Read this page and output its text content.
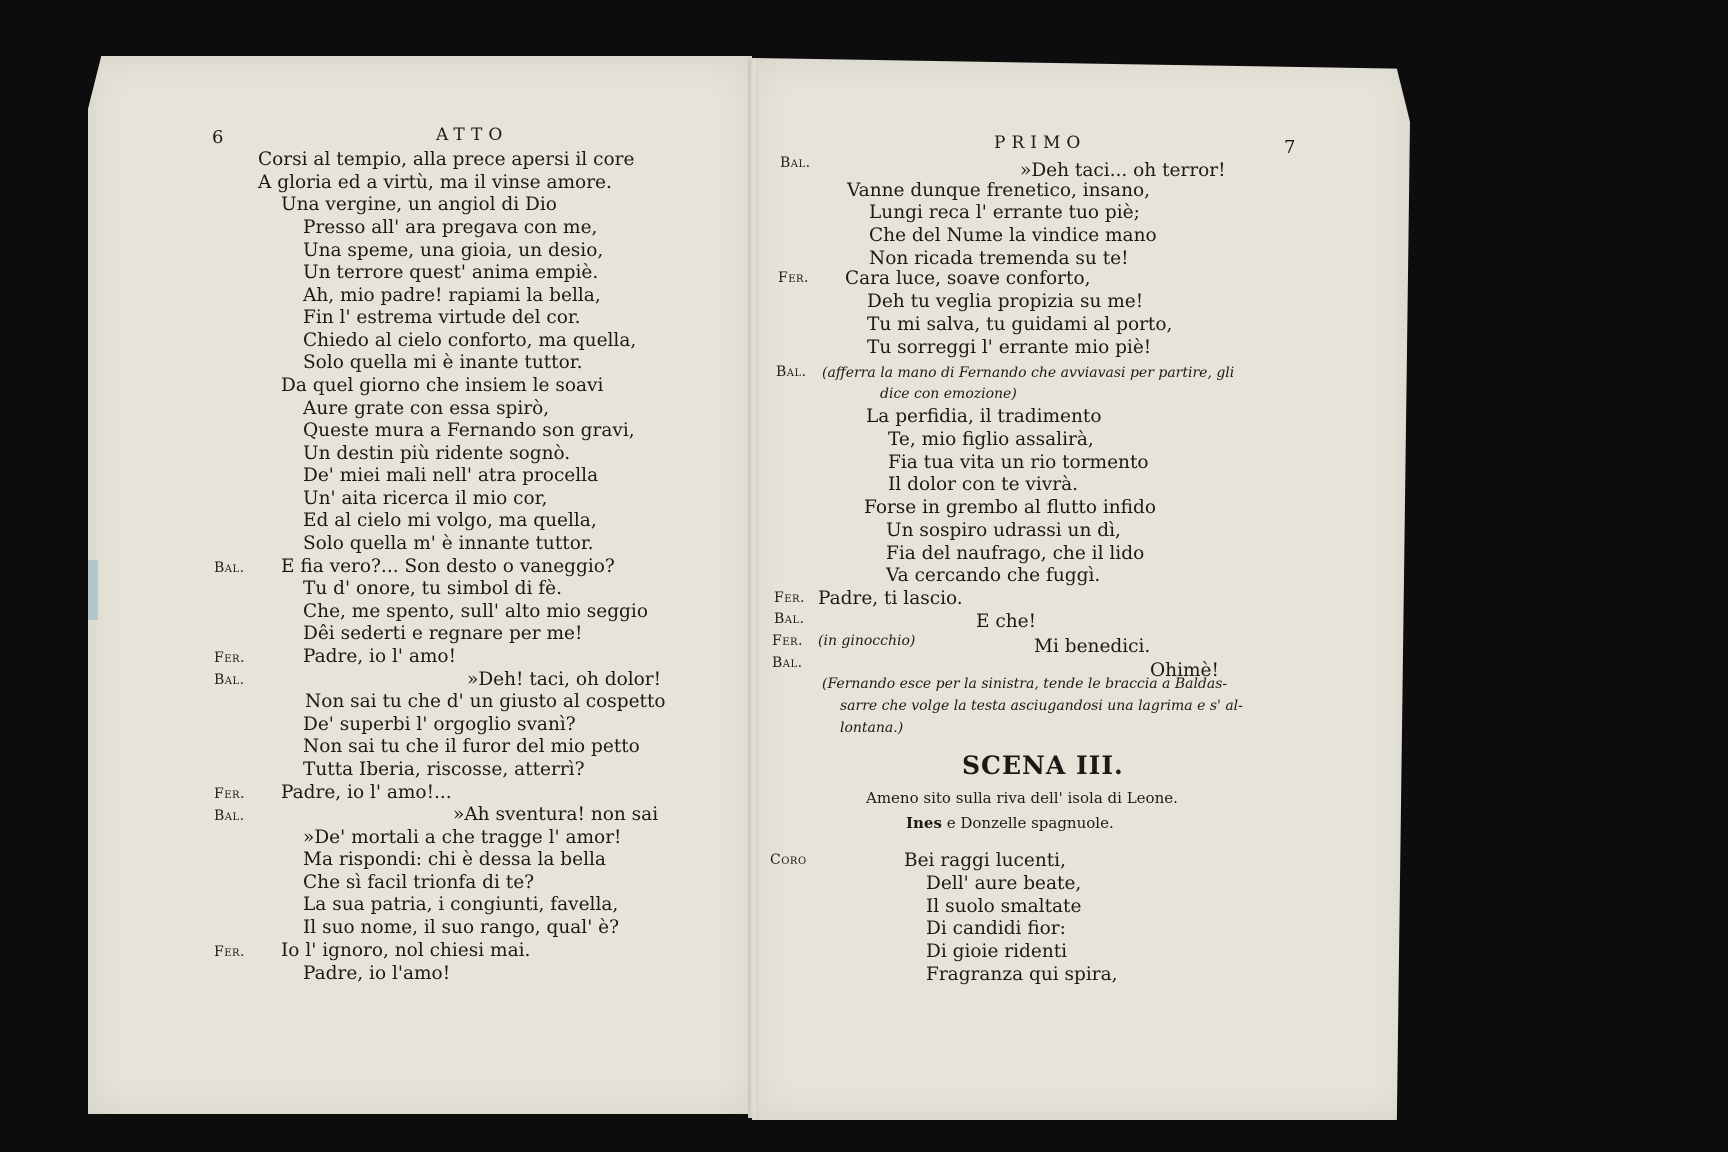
6	ATTO
Corsi al tempio, alla prece apersi il core
A gloria ed a virtù, ma il vinse amore.
Una vergine, un angiol di Dio
Presso all' ara pregava con me,
Una speme, una gioia, un desio,
Un terrore quest' anima empiè.
Ah, mio padre! rapiami la bella,
Fin l' estrema virtude del cor.
Chiedo al cielo conforto, ma quella,
Solo quella mi è inante tuttor.
Da quel giorno che insiem le soavi
Aure grate con essa spirò,
Queste mura a Fernando son gravi,
Un destin più ridente sognò.
De' miei mali nell' atra procella
Un' aita ricerca il mio cor,
Ed al cielo mi volgo, ma quella,
Solo quella m' è innante tuttor.
Bal. E fia vero?... Son desto o vaneggio?
Tu d' onore, tu simbol di fè.
Che, me spento, sull' alto mio seggio
Dêi sederti e regnare per me!
Fer.	Padre, io l' amo!
Bal.	»Deh! taci, oh dolor!
Non sai tu che d' un giusto al cospetto
De' superbi l' orgoglio svanì?
Non sai tu che il furor del mio petto
Tutta Iberia, riscosse, atterrì?
Fer. Padre, io l' amo!...
Bal.	»Ah sventura! non sai
»De' mortali a che tragge l' amor!
Ma rispondi: chi è dessa la bella
Che sì facil trionfa di te?
La sua patria, i congiunti, favella,
Il suo nome, il suo rango, qual' è?
Fer. Io l' ignoro, nol chiesi mai.
Padre, io l'amo!
PRIMO	7
Bal.	»Deh taci... oh terror!
Vanne dunque frenetico, insano,
Lungi reca l' errante tuo piè;
Che del Nume la vindice mano
Non ricada tremenda su te!
Fer. Cara luce, soave conforto,
Deh tu veglia propizia su me!
Tu mi salva, tu guidami al porto,
Tu sorreggi l' errante mio piè!
Bal. (afferra la mano di Fernando che avviavasi per partire, gli
dice con emozione)
La perfidia, il tradimento
Te, mio figlio assalirà,
Fia tua vita un rio tormento
Il dolor con te vivrà.
Forse in grembo al flutto infido
Un sospiro udrassi un dì,
Fia del naufrago, che il lido
Va cercando che fuggì.
Fer. Padre, ti lascio.
Bal.	E che!
Fer. (in ginocchio)	Mi benedici.
Bal.	Ohimè!
(Fernando esce per la sinistra, tende le braccia a Baldas-
sarre che volge la testa asciugandosi una lagrima e s' al-
lontana.)
SCENA III.
Ameno sito sulla riva dell' isola di Leone.
Ines e Donzelle spagnuole.
Coro	Bei raggi lucenti,
Dell' aure beate,
Il suolo smaltate
Di candidi fior:
Di gioie ridenti
Fragranza qui spira,
